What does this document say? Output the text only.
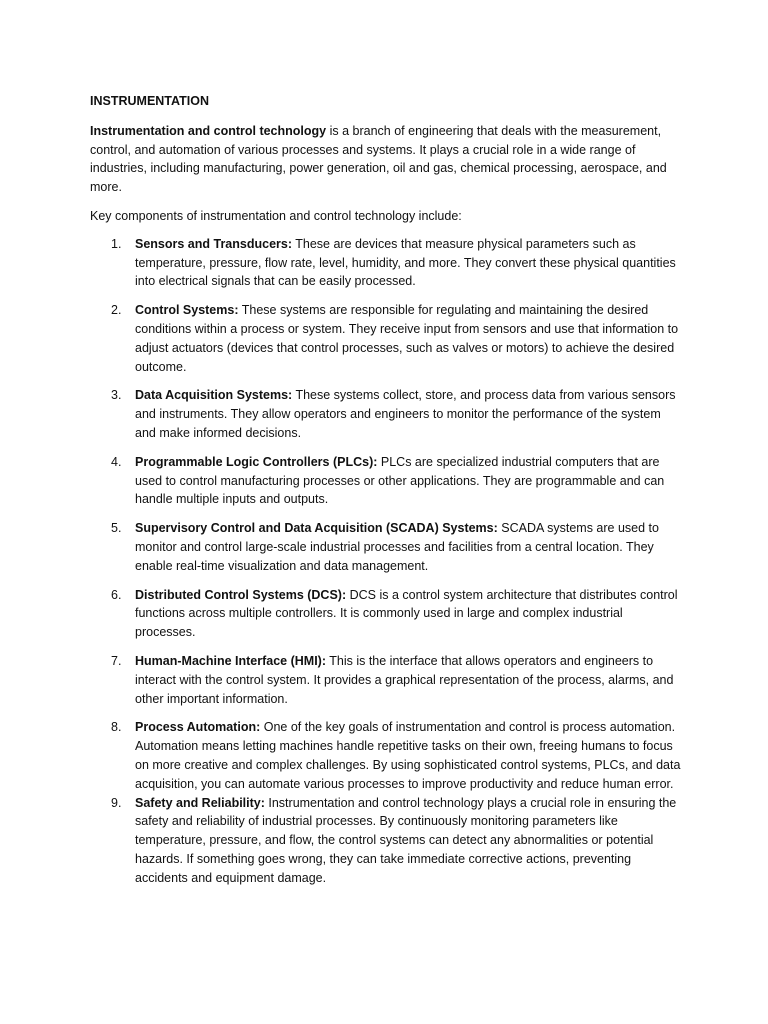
INSTRUMENTATION

Instrumentation and control technology is a branch of engineering that deals with the measurement, control, and automation of various processes and systems. It plays a crucial role in a wide range of industries, including manufacturing, power generation, oil and gas, chemical processing, aerospace, and more.

Key components of instrumentation and control technology include:

1. Sensors and Transducers: These are devices that measure physical parameters such as temperature, pressure, flow rate, level, humidity, and more. They convert these physical quantities into electrical signals that can be easily processed.
2. Control Systems: These systems are responsible for regulating and maintaining the desired conditions within a process or system. They receive input from sensors and use that information to adjust actuators (devices that control processes, such as valves or motors) to achieve the desired outcome.
3. Data Acquisition Systems: These systems collect, store, and process data from various sensors and instruments. They allow operators and engineers to monitor the performance of the system and make informed decisions.
4. Programmable Logic Controllers (PLCs): PLCs are specialized industrial computers that are used to control manufacturing processes or other applications. They are programmable and can handle multiple inputs and outputs.
5. Supervisory Control and Data Acquisition (SCADA) Systems: SCADA systems are used to monitor and control large-scale industrial processes and facilities from a central location. They enable real-time visualization and data management.
6. Distributed Control Systems (DCS): DCS is a control system architecture that distributes control functions across multiple controllers. It is commonly used in large and complex industrial processes.
7. Human-Machine Interface (HMI): This is the interface that allows operators and engineers to interact with the control system. It provides a graphical representation of the process, alarms, and other important information.
8. Process Automation: One of the key goals of instrumentation and control is process automation. Automation means letting machines handle repetitive tasks on their own, freeing humans to focus on more creative and complex challenges. By using sophisticated control systems, PLCs, and data acquisition, you can automate various processes to improve productivity and reduce human error.
9. Safety and Reliability: Instrumentation and control technology plays a crucial role in ensuring the safety and reliability of industrial processes. By continuously monitoring parameters like temperature, pressure, and flow, the control systems can detect any abnormalities or potential hazards. If something goes wrong, they can take immediate corrective actions, preventing accidents and equipment damage.
